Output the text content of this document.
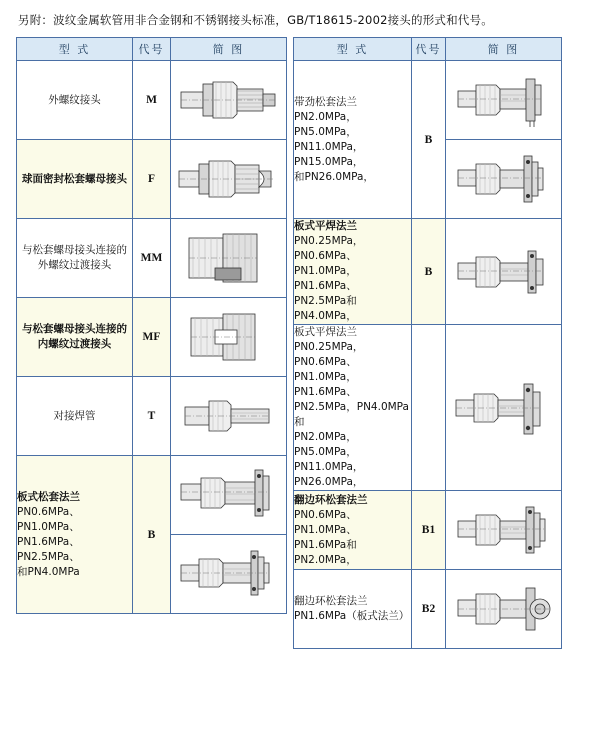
另附：波纹金属软管用非合金钢和不锈钢接头标准，GB/T18615-2002接头的形式和代号。
型 式	代号	简 图
外螺纹接头	M	

球面密封松套螺母接头	F	

与松套螺母接头连接的外螺纹过渡接头	MM	

与松套螺母接头连接的内螺纹过渡接头	MF	

对接焊管	T	

板式松套法兰
PN0.6MPa、PN1.0MPa、
PN1.6MPa、PN2.5MPa、
和PN4.0MPa	B	

型 式	代号	简 图

带劲松套法兰
PN2.0MPa，PN5.0MPa，
PN11.0MPa，PN15.0MPa，
和PN26.0MPa，	B	

板式平焊法兰
PN0.25MPa，PN0.6MPa、
PN1.0MPa，PN1.6MPa、
PN2.5MPa和PN4.0MPa，	B	

板式平焊法兰
PN0.25MPa，PN0.6MPa、
PN1.0MPa，PN1.6MPa、
PN2.5MPa，PN4.0MPa 和
PN2.0MPa，PN5.0MPa，
PN11.0MPa，PN26.0MPa，

翻边环松套法兰
PN0.6MPa、PN1.0MPa、
PN1.6MPa和PN2.0MPa，	B1	

翻边环松套法兰
PN1.6MPa（板式法兰）	B2	
